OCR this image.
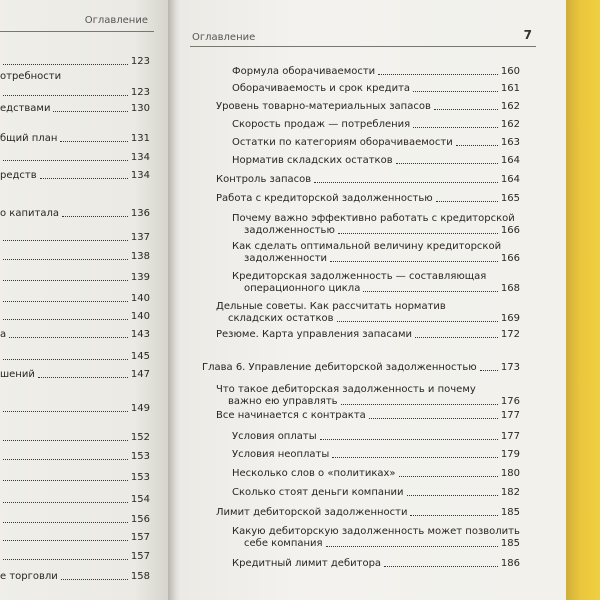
Оглавление
123
отребности
123
едствами	130
бщий план	131
134
редств	134
о капитала	136
137
138
139
140
140
а	143
145
шений	147
149
152
153
153
154
156
157
157
е торговли	158
Оглавление	7
Формула оборачиваемости	160
Оборачиваемость и срок кредита	161
Уровень товарно-материальных запасов	162
Скорость продаж — потребления	162
Остатки по категориям оборачиваемости	163
Норматив складских остатков	164
Контроль запасов	164
Работа с кредиторской задолженностью	165
Почему важно эффективно работать с кредиторской
задолженностью	166
Как сделать оптимальной величину кредиторской
задолженности	166
Кредиторская задолженность — составляющая
операционного цикла	168
Дельные советы. Как рассчитать норматив
складских остатков	169
Резюме. Карта управления запасами	172
Глава 6. Управление дебиторской задолженностью 173
Что такое дебиторская задолженность и почему
важно ею управлять	176
Все начинается с контракта	177
Условия оплаты	177
Условия неоплаты	179
Несколько слов о «политиках»	180
Сколько стоят деньги компании	182
Лимит дебиторской задолженности	185
Какую дебиторскую задолженность может позволить
себе компания	185
Кредитный лимит дебитора	186
